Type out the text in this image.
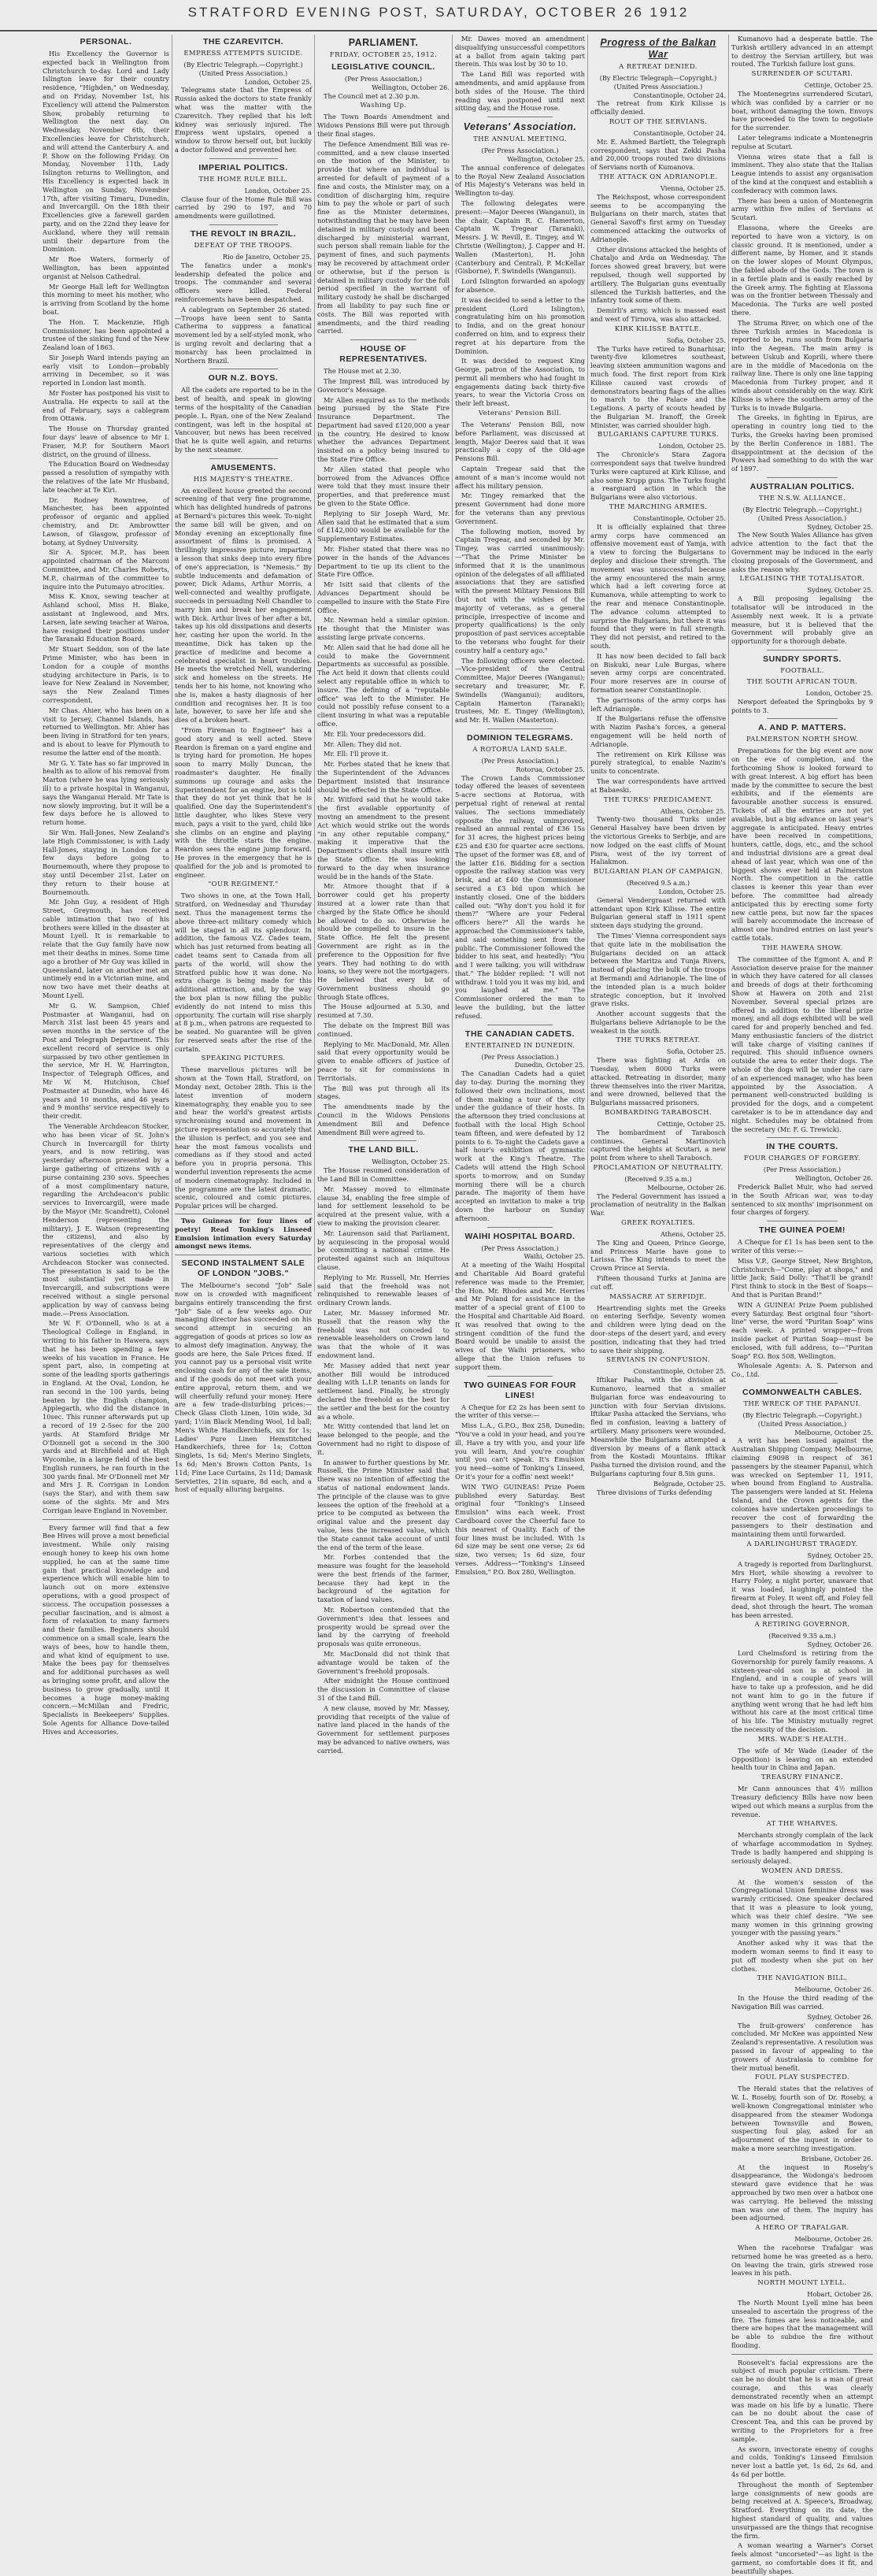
STRATFORD EVENING POST, SATURDAY, OCTOBER 26 1912
PERSONAL.

His Excellency the Governor is expected back in Wellington from Christchurch to-day. Lord and Lady Islington leave for their country residence, "Highden," on Wednesday, and on Friday, November 1st, his Excellency will attend the Palmerston Show, probably returning to Wellington the next day. On Wednesday, November 6th, their Excellencies leave for Christchurch, and will attend the Canterbury A. and P. Show on the following Friday. On Monday, November 11th, Lady Islington returns to Wellington, and His Excellency is expected back in Wellington on Sunday, November 17th, after visiting Timaru, Dunedin, and Invercargill. On the 18th their Excellencies give a farewell garden party, and on the 22nd they leave for Auckland, where they will remain until their departure from the Dominion.

Mr Roe Waters, formerly of Wellington, has been appointed organist at Nelson Cathedral.

Mr George Hall left for Wellington this morning to meet his mother, who is arriving from Scotland by the home boat.

The Hon. T. Mackenzie, High Commissioner, has been appointed a trustee of the sinking fund of the New Zealand loan of 1863.

Sir Joseph Ward intends paying an early visit to London—probably arriving in December, so it was reported in London last month.

Mr Foster has postponed his visit to Australia. He expects to sail at the end of February, says a cablegram from Ottawa.

The House on Thursday granted four days' leave of absence to Mr I. Fraser, M.P. for Southern Maori district, on the ground of illness.

The Education Board on Wednesday passed a resolution of sympathy with the relatives of the late Mr Husband, late teacher at Te Kiri.

Dr. Rodney Rowntree, of Manchester, has been appointed professor of organic and applied chemistry, and Dr. Ambrowtter Lawson, of Glasgow, professor of botany, at Sydney University.

Sir A. Spicer, M.P., has been appointed chairman of the Marconi Committee, and Mr. Charles Roberts, M.P., chairman of the committee to inquire into the Putumayo atrocities.

Miss K. Knox, sewing teacher at Ashland school, Miss H. Blake, assistant at Inglewood, and Mrs. Larsen, late sewing teacher at Waroa, have resigned their positions under the Taranaki Education Board.

Mr Stuart Seddon, son of the late Prime Minister, who has been in London for a couple of months studying architecture in Paris, is to leave for New Zealand in November, says the New Zealand Times correspondent.

Mr Chas. Ahier, who has been on a visit to Jersey, Channel Islands, has returned to Wellington. Mr. Ahier has been living in Stratford for ten years, and is about to leave for Plymouth to resume the latter end of the month.

Mr G. Y. Tate has so far improved in health as to allow of his removal from Marton (where he was lying seriously ill) to a private hospital in Wanganui, says the Wanganui Herald. Mr Tate is now slowly improving, but it will be a few days before he is allowed to return home.

Sir Wm. Hall-Jones, New Zealand's late High Commissioner, is with Lady Hall-Jones, staying in London for a few days before going to Bournemouth, where they propose to stay until December 21st. Later on they return to their house at Bournemouth.

Mr. John Guy, a resident of High Street, Greymouth, has received cable intimation that two of his brothers were killed in the disaster at Mount Lyell. It is remarkable to relate that the Guy family have now met their deaths in mines. Some time ago a brother of Mr Guy was killed in Queensland, later on another met an untimely end in a Victorian mine, and now two have met their deaths at Mount Lyell.

Mr G. W. Sampson, Chief Postmaster at Wanganui, had on March 31st last been 45 years and seven months in the service of the Post and Telegraph Department. This excellent record of service is only surpassed by two other gentlemen in the service, Mr H. W. Harrington, Inspector of Telegraph Offices, and Mr W. M. Hutchison, Chief Postmaster at Dunedin, who have 46 years and 10 months, and 46 years and 9 months' service respectively to their credit.

The Venerable Archdeacon Stocker, who has been vicar of St. John's Church in Invercargill for thirty years, and is now retiring, was yesterday afternoon presented by a large gathering of citizens with a purse containing 230 sovs. Speeches of a most complimentary nature, regarding the Archdeacon's public services to Invercargill, were made by the Mayor (Mr. Scandrett), Colonel Henderson (representing the military), J. E. Watson (representing the citizens), and also by representatives of the clergy and various societies with which Archdeacon Stocker was connected. The presentation is said to be the most substantial yet made in Invercargill, and subscriptions were received without a single personal application by way of canvass being made.—Press Association.

Mr W. F. O'Donnell, who is at a Theological College in England, in writing to his father in Hawera, says that he has been spending a few weeks of his vacation in France. He spent part, also, in competing at some of the leading sports gatherings in England. At the Oval, London, he ran second in the 100 yards, being beaten by the English champion, Applegarth, who did the distance in 10sec. This runner afterwards put up a record of 19 2-5sec for the 200 yards. At Stamford Bridge Mr O'Donnell got a second in the 300 yards and at Birchfield and at High Wycombe, in a large field of the best English runners, he ran fourth in the 300 yards final. Mr O'Donnell met Mr and Mrs J. R. Corrigan in London (says the Star), and with them saw some of the sights. Mr and Mrs Corrigan leave England in November.

Every farmer will find that a few Bee Hives will prove a most beneficial investment. While only raising enough honey to keep his own home supplied, he can at the same time gain that practical knowledge and experience which will enable him to launch out on more extensive operations, with a good prospect of success. The occupation possesses a peculiar fascination, and is almost a form of relaxation to many farmers and their families. Beginners should commence on a small scale, learn the ways of bees, how to handle them, and what kind of equipment to use. Make the bees pay for themselves and for additional purchases as well as bringing some profit, and allow the business to grow gradually, until it becomes a huge money-making concern.—McMillan and Fredric, Specialists in Beekeepers' Supplies. Sole Agents for Alliance Dove-tailed Hives and Accessories.

THE CZAREVITCH.
EMPRESS ATTEMPTS SUICIDE.

(By Electric Telegraph.—Copyright.) (United Press Association.)

London, October 25.

Telegrams state that the Empress of Russia asked the doctors to state frankly what was the matter with the Czarevitch. They replied that his left kidney was seriously injured. The Empress went upstairs, opened a window to throw herself out, but luckily a doctor followed and prevented her.

IMPERIAL POLITICS.
THE HOME RULE BILL.

London, October 25.

Clause four of the Home Rule Bill was carried by 290 to 197, and 70 amendments were guillotined.

THE REVOLT IN BRAZIL.
DEFEAT OF THE TROOPS.

Rio de Janeiro, October 25.

The fanatics under a monk's leadership defeated the police and troops. The commander and several officers were killed. Federal reinforcements have been despatched.

A cablegram on September 26 stated:—Troops have been sent to Santa Catherina to suppress a fanatical movement led by a self-styled monk, who is urging revolt and declaring that a monarchy has been proclaimed in Northern Brazil.

OUR N.Z. BOYS.

All the cadets are reported to be in the best of health, and speak in glowing terms of the hospitality of the Canadian people. L. Ryan, one of the New Zealand contingent, was left in the hospital at Vancouver, but news has been received that he is quite well again, and returns by the next steamer.

AMUSEMENTS.
HIS MAJESTY'S THEATRE.

An excellent house greeted the second screening of that very fine programme, which has delighted hundreds of patrons at Bernard's pictures this week. To-night the same bill will be given, and on Monday evening an exceptionally fine assortment of films is promised. A thrillingly impressive picture, imparting a lesson that sinks deep into every fibre of one's appreciation, is "Nemesis." By subtle inducements and defamation of power, Dick Adams, Arthur Morris, a well-connected and wealthy profligate, succeeds in persuading Nell Chandler to marry him and break her engagement with Dick. Arthur lives of her after a bit, takes up his old dissipations and deserts her, casting her upon the world. In the meantime, Dick has taken up the practice of medicine and become a celebrated specialist in heart troubles. He meets the wretched Nell, wandering sick and homeless on the streets. He tends her to his home, not knowing who she is, makes a hasty diagnosis of her condition and recognises her. It is too late, however, to save her life and she dies of a broken heart.

"From Fireman to Engineer" has a good story and is well acted. Steve Reardon is fireman on a yard engine and is trying hard for promotion. He hopes soon to marry Molly Duncan, the roadmaster's daughter. He finally summons up courage and asks the Superintendent for an engine, but is told that they do not yet think that he is qualified. One day the Superintendent's little daughter, who likes Steve very much, pays a visit to the yard, child like she climbs on an engine and playing with the throttle starts the engine. Reardon sees the engine jump forward. He proves in the emergency that he is qualified for the job and is promoted to engineer.

"OUR REGIMENT."

Two shows in one, at the Town Hall, Stratford, on Wednesday and Thursday next. Thus the management terms the above three-act military comedy which will be staged in all its splendour. In addition, the famous V.Z. Cades team, which has just returned from beating all cadet teams sent to Canada from all parts of the world, will show the Stratford public how it was done. No extra charge is being made for this additional attraction, and, by the way the box plan is now filling the public evidently do not intend to miss this opportunity. The curtain will rise sharply at 8 p.m., when patrons are requested to be seated. No guarantee will be given for reserved seats after the rise of the curtain.

SPEAKING PICTURES.

These marvellous pictures will be shown at the Town Hall, Stratford, on Monday next, October 28th. This is the latest invention of modern kinematography, they enable you to see and hear the world's greatest artists synchronising sound and movement in picture representation so accurately that the illusion is perfect, and you see and hear the most famous vocalists and comedians as if they stood and acted before you in propria persona. This wonderful invention represents the acme of modern cinematography. Included in the programme are the latest dramatic, scenic, coloured and comic pictures. Popular prices will be charged.

Two Guineas for four lines of poetry! Read Tonking's Linseed Emulsion intimation every Saturday amongst news items.

SECOND INSTALMENT SALE OF LONDON "JOBS."

The Melbourne's second "Job" Sale now on is crowded with magnificent bargains entirely transcending the first "Job" Sale of a few weeks ago. Our managing director has succeeded on his second attempt in securing an aggregation of goods at prices so low as to almost defy imagination. Anyway, the goods are here, the Sale Prices fixed. If you cannot pay us a personal visit write enclosing cash for any of the sale items, and if the goods do not meet with your entire approval, return them, and we will cheerfully refund your money. Here are a few trade-disturbing prices:—Check Glass Cloth Linen, 10in wide, 3d yard; 1½in Black Mending Wool, 1d ball; Men's White Handkerchiefs, six for 1s; Ladies' Pure Linen Hemstitched Handkerchiefs, three for 1s; Cotton Singlets, 1s 6d; Men's Merino Singlets, 1s 6d; Men's Brown Cotton Pants, 1s 11d; Fine Lace Curtains, 2s 11d; Damask Serviettes, 21in square, 8d each, and a host of equally alluring bargains.

PARLIAMENT.
FRIDAY, OCTOBER 25, 1912.
LEGISLATIVE COUNCIL.

(Per Press Association.)

Wellington, October 26.

The Council met at 2.30 p.m.

Washing Up.

The Town Boards Amendment and Widows Pensions Bill were put through their final stages.

The Defence Amendment Bill was re-committed, and a new clause inserted on the motion of the Minister, to provide that where an individual is arrested for default of payment of a fine and costs, the Minister may, on a condition of discharging him, require him to pay the whole or part of such fine as the Minister determines, notwithstanding that he may have been detained in military custody and been discharged by ministerial warrant, such person shall remain liable for the payment of fines, and such payments may be recovered by attachment order or otherwise, but if the person is detained in military custody for the full period specified in the warrant of military custody he shall be discharged from all liability to pay such fine or costs. The Bill was reported with amendments, and the third reading carried.

HOUSE OF REPRESENTATIVES.

The House met at 2.30.

The Imprest Bill, was introduced by Governor's Message.

Mr Allen enquired as to the methods being pursued by the State Fire Insurance Department. The Department had saved £120,000 a year in the country. He desired to know whether the advances Department insisted on a policy being insured to the State Fire Office.

Mr Allen stated that people who borrowed from the Advances Office were told that they must insure their properties, and that preference must be given to the State Office.

Replying to Sir Joseph Ward, Mr. Allen said that he estimated that a sum of £142,000 would be available for the Supplementary Estimates.

Mr. Fisher stated that there was no power in the hands of the Advances Department to tie up its client to the State Fire Office.

Mr Isitt said that clients of the Advances Department should be compelled to insure with the State Fire Office.

Mr. Newman held a similar opinion. He thought that the Minister was assisting large private concerns.

Mr. Allen said that he had done all he could to make the Government Departments as successful as possible. The Act held it down that clients could select any reputable office in which to insure. The defining of a "reputable office" was left to the Minister. He could not possibly refuse consent to a client insuring in what was a reputable office.

Mr. Ell: Your predecessors did.

Mr. Allen: They did not.

Mr. Ell: I'll prove it.

Mr. Forbes stated that he knew that the Superintendent of the Advances Department insisted that insurance should be effected in the State Office.

Mr. Witford said that he would take the first available opportunity of moving an amendment to the present Act which would strike out the words "in any other reputable company," making it imperative that the Department's clients shall insure with the State Office. He was looking forward to the day when insurance would be in the hands of the State.

Mr. Atmore thought that if a borrower could get his property insured at a lower rate than that charged by the State Office he should be allowed to do so. Otherwise he should be compelled to insure in the State Office. He felt the present Government are right as in the preference to the Opposition for five years. They had nothing to do with loans, so they were not the mortgagers. He believed that every bit of Government business should go through State offices.

The House adjourned at 5.30, and resumed at 7.30.

The debate on the Imprest Bill was continued.

Replying to Mr. MacDonald, Mr. Allen said that every opportunity would be given to enable officers of justice of peace to sit for commissions in Territorials.

The Bill was put through all its stages.

The amendments made by the Council in the Widows Pensions Amendment Bill and Defence Amendment Bill were agreed to.

THE LAND BILL.

Wellington, October 25.

The House resumed consideration of the Land Bill in Committee.

Mr. Massey moved to eliminate clause 34, enabling the free simple of land for settlement leasehold to be acquired at the present value, with a view to making the provision clearer.

Mr. Laurenson said that Parliament, by acquiescing in the proposal would be committing a national crime. He protested against such an iniquitous clause.

Replying to Mr. Russell, Mr. Herries said that the freehold was not relinquished to renewable leases of ordinary Crown lands.

Later, Mr. Massey informed Mr. Russell that the reason why the freehold was not conceded to renewable leaseholders on Crown land was that the whole of it was endowment land.

Mr. Massey added that next year another Bill would be introduced dealing with L.I.P. tenants on lands for settlement land. Finally, he strongly declared the freehold as the best for the settler and the best for the country as a whole.

Mr. Witty contended that land let on lease belonged to the people, and the Government had no right to dispose of it.

In answer to further questions by Mr. Russell, the Prime Minister said that there was no intention of affecting the status of national endowment lands. The principle of the clause was to give lessees the option of the freehold at a price to be computed as between the original value and the present day value, less the increased value, which the State cannot take account of until the end of the term of the lease.

Mr. Forbes contended that the measure was fought for the leasehold were the best friends of the farmer, because they had kept in the background of the agitation for taxation of land values.

Mr. Robertson contended that the Government's idea that lessees and prosperity would be spread over the land by the carrying of freehold proposals was quite erroneous.

Mr. MacDonald did not think that advantage would be taken of the Government's freehold proposals.

After midnight the House continued the discussion in Committee of clause 31 of the Land Bill.

A new clause, moved by Mr. Massey, providing that receipts of the value of native land placed in the hands of the Government for settlement purposes may be advanced to native owners, was carried.

Mr. Dawes moved an amendment disqualifying unsuccessful competitors at a ballot from again taking part therein. This was lost by 30 to 10.

The Land Bill was reported with amendments, and amid applause from both sides of the House. The third reading was postponed until next sitting day, and the House rose.

Veterans' Association.
THE ANNUAL MEETING.

(Per Press Association.)

Wellington, October 25.

The annual conference of delegates to the Royal New Zealand Association of His Majesty's Veterans was held in Wellington to-day.

The following delegates were present:—Major Deeres (Wanganui), in the chair, Captain R. C. Hamerton, Captain W. Tregear (Taranaki), Messrs. J. W. Revill, E. Tingey, and W. Christie (Wellington), J. Capper and H. Wallen (Masterton), H. John (Canterbury and Central), P. McKellar (Gisborne), F. Swindells (Wanganui).

Lord Islington forwarded an apology for absence.

It was decided to send a letter to the president (Lord Islington), congratulating him on his promotion to India, and on the great honour conferred on him, and to express their regret at his departure from the Dominion.

It was decided to request King George, patron of the Association, to permit all members who had fought in engagements dating back thirty-five years, to wear the Victoria Cross on their left breast.

Veterans' Pension Bill.

The Veterans' Pension Bill, now before Parliament, was discussed at length, Major Deeres said that it was practically a copy of the Old-age Pensions Bill.

Captain Tregear said that the amount of a man's income would not affect his military pension.

Mr. Tingey remarked that the present Government had done more for the veterans than any previous Government.

The following motion, moved by Captain Tregear, and seconded by Mr. Tingey, was carried unanimously:—"That the Prime Minister be informed that it is the unanimous opinion of the delegates of all affiliated associations that they are satisfied with the present Military Pensions Bill (but not with the wishes of the majority of veterans, as a general principle, irrespective of income and property qualifications) is the only proposition of past services acceptable to the veterans who fought for their country half a century ago."

The following officers were elected:—Vice-president of the Central Committee, Major Deeres (Wanganui); secretary and treasurer, Mr. F. Swindells (Wanganui); auditors, Captain Hamerton (Taranaki); trustees, Mr. E. Tingey (Wellington), and Mr. H. Wallen (Masterton).

DOMINION TELEGRAMS.
A ROTORUA LAND SALE.

(Per Press Association.)

Rotorua, October 25.

The Crown Lands Commissioner today offered the leases of seventeen 5-acre sections at Rotorua, with perpetual right of renewal at rental values. The sections immediately opposite the railway, unimproved, realised an annual rental of £36 15s for 31 acres, the highest prices being £25 and £30 for quarter acre sections. The upset of the former was £8, and of the latter £16. Bidding for a section opposite the railway station was very brisk, and at £40 the Commissioner secured a £3 bid upon which he instantly closed. One of the bidders called out: "Why don't you hold it for them?" "Where are your Federal officers here?" All the wards he approached the Commissioner's table, and said something sent from the public. The Commissioner followed the bidder to his seat, and heatedly: "You and I were talking, you will withdraw that." The bidder replied: "I will not withdraw. I told you it was my bid, and you laughed at me." The Commissioner ordered the man to leave the building, but the latter refused.

THE CANADIAN CADETS.
ENTERTAINED IN DUNEDIN.

(Per Press Association.)

Dunedin, October 25.

The Canadian Cadets had a quiet day to-day. During the morning they followed their own inclinations, most of them making a tour of the city under the guidance of their hosts. In the afternoon they tried conclusions at football with the local High School team fifteen, and were defeated by 12 points to 6. To-night the Cadets gave a half hour's exhibition of gymnastic work at the King's Theatre. The Cadets will attend the High School sports to-morrow, and on Sunday morning there will be a church parade. The majority of them have accepted an invitation to make a trip down the harbour on Sunday afternoon.

WAIHI HOSPITAL BOARD.

(Per Press Association.)

Waihi, October 25.

At a meeting of the Waihi Hospital and Charitable Aid Board grateful reference was made to the Premier, the Hon. Mr. Rhodes and Mr. Herries and Mr Poland for assistance in the matter of a special grant of £100 to the Hospital and Charitable Aid Board. It was resolved that owing to the stringent condition of the fund the Board would be unable to assist the wives of the Waihi prisoners, who allege that the Union refuses to support them.

TWO GUINEAS FOR FOUR LINES!

A Cheque for £2 2s has been sent to the writer of this verse:—

Miss L.A., G.P.O., Box 258, Dunedin: "You've a cold in your head, and you're ill, Have a try with you, and your life you will learn, And you're coughin' until you can't speak. It's Emulsion you need—some of Tonking's Linseed, Or it's your for a coffin' next week!"

WIN TWO GUINEAS! Prize Poem published every Saturday. Best original four "Tonking's Linseed Emulsion" wins each week. Frost Cardboard cover the Cheerful face to this nearest of Quality. Each of the four lines must be included. With 1s 6d size may be sent one verse; 2s 6d size, two verses; 1s 6d size, four verses. Address—"Tonking's Linseed Emulsion," P.O. Box 280, Wellington.

Progress of the Balkan War
A RETREAT DENIED.

(By Electric Telegraph—Copyright.) (United Press Association.)

Constantinople, October 24.

The retreat from Kirk Kilisse is officially denied.

ROUT OF THE SERVIANS.

Constantinople, October 24.

Mr. E. Ashmed Bartlett, the Telegraph correspondent, says that Zekki Pasha and 20,000 troops routed two divisions of Servians north of Kumanova.

THE ATTACK ON ADRIANOPLE.

Vienna, October 25.

The Reichspost, whose correspondent seems to be accompanying the Bulgarians on their march, states that General Savoff's first army on Tuesday commenced attacking the outworks of Adrianople.

Other divisions attacked the heights of Chataljo and Arda on Wednesday. The forces showed great bravery, but were repulsed, though well supported by artillery. The Bulgarian guns eventually silenced the Turkish batteries, and the infantry took some of them.

Demirli's army, which is massed east and west of Tirnova, was also attacked.

KIRK KILISSE BATTLE.

Sofia, October 25.

The Turks have retired to Bunarhisar, twenty-five kilometres southeast, leaving sixteen ammunition wagons and much food. The first report from Kirk Kilisse caused vast crowds of demonstrators bearing flags of the allies to march to the Palace and the Legations. A party of scouts headed by the Bulgarian M. Iranoff, the Greek Minister, was carried shoulder high.

BULGARIANS CAPTURE TURKS.

London, October 25.

The Chronicle's Stara Zagora correspondent says that twelve hundred Turks were captured at Kirk Kilisse, and also some Krupp guns. The Turks fought a rearguard action in which the Bulgarians were also victorious.

THE MARCHING ARMIES.

Constantinople, October 25.

It is officially explained that three army corps have commenced an offensive movement east of Yamja, with a view to forcing the Bulgarians to deploy and disclose their strength. The movement was unsuccessful because the army encountered the main army, which had a left covering force at Kumanova, while attempting to work to the rear and menace Constantinople. The advance column attempted to surprise the Bulgarians, but there it was found that they were in full strength. They did not persist, and retired to the south.

It has now been decided to fall back on Biskuki, near Lule Burgas, where seven army corps are concentrated. Four more reserves are in course of formation nearer Constantinople.

The garrisons of the army corps has left Adrianople.

If the Bulgarians refuse the offensive with Nazim Pasha's forces, a general engagement will be held north of Adrianople.

The retirement on Kirk Kilisse was purely strategical, to enable Nazim's units to concentrate.

The war correspondents have arrived at Babaeski.

THE TURKS' PREDICAMENT.

Athens, October 25.

Twenty-two thousand Turks under General Hasalvey have been driven by the victorious Greeks to Serbije, and are now lodged on the east cliffs of Mount Pisra, west of the ivy torrent of Haliakmon.

BULGARIAN PLAN OF CAMPAIGN.

(Received 9.5 a.m.)

London, October 25.

General Vendergraast returned with attendant upon Kirk Kilisse. The entire Bulgarian general staff in 1911 spent sixteen days studying the ground.

The Times' Vienna correspondent says that quite late in the mobilisation the Bulgarians decided on an attack between the Maritza and Tunja Rivers, instead of placing the bulk of the troops at Bermandi and Adrianople. The line of the intended plan is a much bolder strategic conception, but it involved grave risks.

Another account suggests that the Bulgarians believe Adrianople to be the weakest in the south.

THE TURKS RETREAT.

Sofia, October 25.

There was fighting at Arda on Tuesday, when 8000 Turks were attacked. Retreating in disorder, many threw themselves into the river Maritza, and were drowned, believed that the Bulgarians massacred prisoners.

BOMBARDING TARABOSCH.

Cettinje, October 25.

The bombardment of Tarabosch continues. General Martinovich captured the heights at Scutari, a new point from where to shell Tarabosch.

PROCLAMATION OF NEUTRALITY.

(Received 9.35 a.m.)

Melbourne, October 26.

The Federal Government has issued a proclamation of neutrality in the Balkan War.

GREEK ROYALTIES.

Athens, October 25.

The King and Queen, Prince George, and Princess Marie have gone to Larissa. The King intends to meet the Crown Prince at Servia.

Fifteen thousand Turks at Janina are cut off.

MASSACRE AT SERFIDJE.

Heartrending sights met the Greeks on entering Serfidje. Seventy women and children were lying dead on the door-steps of the desert yard, and every position, indicating that they had tried to save their shipping.

SERVIANS IN CONFUSION.

Constantinople, October 25.

Iftikar Pasha, with the division at Kumanovo, learned that a smaller Bulgarian force was endeavouring to junction with four Servian divisions. Iftikar Pasha attacked the Servians, who fled in confusion, leaving a battery of artillery. Many prisoners were wounded. Meanwhile the Bulgarians attempted a diversion by means of a flank attack from the Kostadi Mountains. Iftikar Pasha turned the division round, and the Bulgarians capturing four 8.5in guns.

Belgrade, October 25.

Three divisions of Turks defending

Kumanovo had a desperate battle. The Turkish artillery advanced in an attempt to destroy the Servian artillery, but was routed. The Turkish failure lost guns.

SURRENDER OF SCUTARI.

Cettinje, October 25.

The Montenegrins surrendered Scutari, which was confided by a carrier or no boat, without damaging the town. Envoys have proceeded to the town to negotiate for the surrender.

Later telegrams indicate a Montenegrin repulse at Scutari.

Vienna wires state that a fall is imminent. They also state that the Italian League intends to assist any organisation of the kind at the conquest and establish a confederacy with common laws.

There has been a union of Montenegrin army within five miles of Servians at Scutari.

Elassona, where the Greeks are reported to have won a victory, is on classic ground. It is mentioned, under a different name, by Homer, and it stands on the lower slopes of Mount Olympus, the fabled abode of the Gods. The town is in a fertile plain and is easily reached by the Greek army. The fighting at Elassona was on the frontier between Thessaly and Macedonia. The Turks are well posted there.

The Struma River, on which one of the three Turkish armies in Macedonia is reported to be, runs south from Bulgaria into the Aegean. The main army is between Uskub and Koprili, where there are in the middle of Macedonia on the railway line. There is only one line tapping Macedonia from Turkey proper, and it winds about considerably on the way. Kirk Kilisse is where the southern army of the Turks is to invade Bulgaria.

The Greeks, in fighting in Epirus, are operating in country long tied to the Turks, the Greeks having been promised by the Berlin Conference in 1881. The disappointment at the decision of the Powers had something to do with the war of 1897.

AUSTRALIAN POLITICS.
THE N.S.W. ALLIANCE.

(By Electric Telegraph.—Copyright.) (United Press Association.)

Sydney, October 25.

The New South Wales Alliance has given advice attention to the fact that the Government may be induced in the early closing proposals of the Government, and asks the reason why.

LEGALISING THE TOTALISATOR.

Sydney, October 25.

A Bill proposing legalising the totalisator will be introduced in the Assembly next week. It is a private measure, but it is believed that the Government will probably give an opportunity for a thorough debate.

SUNDRY SPORTS.
FOOTBALL.
THE SOUTH AFRICAN TOUR.

London, October 25.

Newport defeated the Springboks by 9 points to 3.

A. AND P. MATTERS.
PALMERSTON NORTH SHOW.

Preparations for the big event are now on the eve of completion, and the forthcoming Show is looked forward to with great interest. A big effort has been made by the committee to secure the best exhibits, and if the elements are favourable another success is ensured. Tickets of all the entries are not yet available, but a big advance on last year's aggregate is anticipated. Heavy entries have been received in competitions, hunters, cattle, dogs, etc., and the school and industrial divisions are a great deal ahead of last year, which was one of the biggest shows ever held at Palmerston North. The competition in the cattle classes is keener this year than ever before. The committee had already anticipated this by erecting some forty new cattle pens, but now far the spaces will barely accommodate the increase of almost one hundred entries on last year's cattle totals.

THE HAWERA SHOW.

The committee of the Egmont A. and P. Association deserve praise for the manner in which they have catered for all classes and breeds of dogs at their forthcoming Show at Hawera on 20th and 21st November. Several special prizes are offered in addition to the liberal prize money, and all dogs exhibited will be well cared for and properly benched and fed. Many enthusiastic fanciers of the district will take charge of visiting canines if required. This should influence owners outside the area to enter their dogs. The whole of the dogs will be under the care of an experienced manager, who has been appointed by the Association. A permanent well-constructed building is provided for the dogs, and a competent caretaker is to be in attendance day and night. Schedules may be obtained from the secretary (Mr. F. G. Trewick).

IN THE COURTS.
FOUR CHARGES OF FORGERY.

(Per Press Association.)

Wellington, October 26.

Frederick Ballet Muir, who had served in the South African war, was to-day sentenced to six months' imprisonment on four charges of forgery.

THE GUINEA POEM!

A Cheque for £1 1s has been sent to the writer of this verse:—

Miss V.P., George Street, New Brighton, Christchurch—"Come, play at shops," and little Jack; Said Dolly: "That'll be grand! First think to stock in the Best of Soaps—And that is Puritan Brand!"

WIN A GUINEA! Prize Poem published every Saturday. Best original four "short-line" verse, the word "Puritan Soap" wins each week. A printed wrapper—from inside packet of Puritan Soap—must be enclosed, with full address, to—"Puritan Soap" P.O. Box 508, Wellington.

Wholesale Agents: A. S. Paterson and Co., Ltd.

COMMONWEALTH CABLES.
THE WRECK OF THE PAPANUI.

(By Electric Telegraph.—Copyright.) (United Press Association.)

Melbourne, October 25.

A writ has been issued against the Australian Shipping Company, Melbourne, claiming £9098 in respect of 361 passengers by the steamer Papanui, which was wrecked on September 11, 1911, when bound from England to Australia. The passengers were landed at St. Helena Island, and the Crown agents for the colonies have undertaken proceedings to recover the cost of forwarding the passengers to their destination and maintaining them until forwarded.

A DARLINGHURST TRAGEDY.

Sydney, October 25.

A tragedy is reported from Darlinghurst. Mrs Hort, while showing a revolver to Harry Foley, a night porter, unaware that it was loaded, laughingly pointed the firearm at Foley. It went off, and Foley fell dead, shot through the heart. The woman has been arrested.

A RETIRING GOVERNOR.

(Received 9.35 a.m.)

Sydney, October 26.

Lord Chelmsford is retiring from the Governorship for purely family reasons. A sixteen-year-old son is at school in England, and in a couple of years will have to take up a profession, and he did not want him to go in the future if anything went wrong that he had left him without his care at the most critical time of his life. The Ministry mutually regret the necessity of the decision.

MRS. WADE'S HEALTH.

The wife of Mr Wade (Leader of the Opposition) is leaving on an extended health tour in China and Japan.

TREASURY FINANCE.

Mr Cann announces that 4½ million Treasury deficiency Bills have now been wiped out which means a surplus from the revenue.

AT THE WHARVES.

Merchants strongly complain of the lack of wharfage accommodation in Sydney. Trade is badly hampered and shipping is seriously delayed.

WOMEN AND DRESS.

At the women's session of the Congregational Union feminine dress was warmly criticised. One speaker declared that it was a pleasure to look young, which was their chief desire. "We see many women in this grinning growing younger with the passing years."

Another asked why it was that the modern woman seems to find it easy to put off modesty when she put on her clothes.

THE NAVIGATION BILL.

Melbourne, October 26.

In the House the third reading of the Navigation Bill was carried.

Sydney, October 26.

The fruit-growers' conference has concluded. Mr McKee was appointed New Zealand's representative. A resolution was passed in favour of appealing to the growers of Australasia to combine for their mutual benefit.

FOUL PLAY SUSPECTED.

The Herald states that the relatives of W. L. Roseby, fourth son of Dr. Roseby, a well-known Congregational minister who disappeared from the steamer Wodonga between Townsville and Bowen, suspecting foul play, asked for an adjournment of the inquest in order to make a more searching investigation.

Brisbane, October 26.

At the inquest in Roseby's disappearance, the Wodonga's bedroom steward gave evidence that he was approached by two men over a hatbox one was carrying. He believed the missing man was one of them. The inquiry has been adjourned.

A HERO OF TRAFALGAR.

Melbourne, October 26.

When the racehorse Trafalgar was returned home he was greeted as a hero. On leaving the train, girls strewed rose leaves in his path.

NORTH MOUNT LYELL.

Hobart, October 26.

The North Mount Lyell mine has been unsealed to ascertain the progress of the fire. The fumes are less noticeable, and there are hopes that the management will be able to subdue the fire without flooding.

Roosevelt's facial expressions are the subject of much popular criticism. There can be no doubt that he is a man of great courage, and this was clearly demonstrated recently when an attempt was made on his life by a lunatic. There can be no doubt about the case of Crescent Tea, and this can be proved by writing to the Proprietors for a free sample.

As sworn, invectorate enemy of coughs and colds, Tonking's Linseed Emulsion never lost a battle yet. 1s 6d, 2s 6d, and 4s 6d per bottle.

Throughout the month of September large consignments of new goods are being received at A. Speece's, Broadway, Stratford. Everything on its date, the highest standard of quality, and values unsurpassed are the things that recognise the firm.

A woman wearing a Warner's Corset feels almost "uncorseted"—as light is the garment, so comfortable does it fit, and beautifully shapes.
